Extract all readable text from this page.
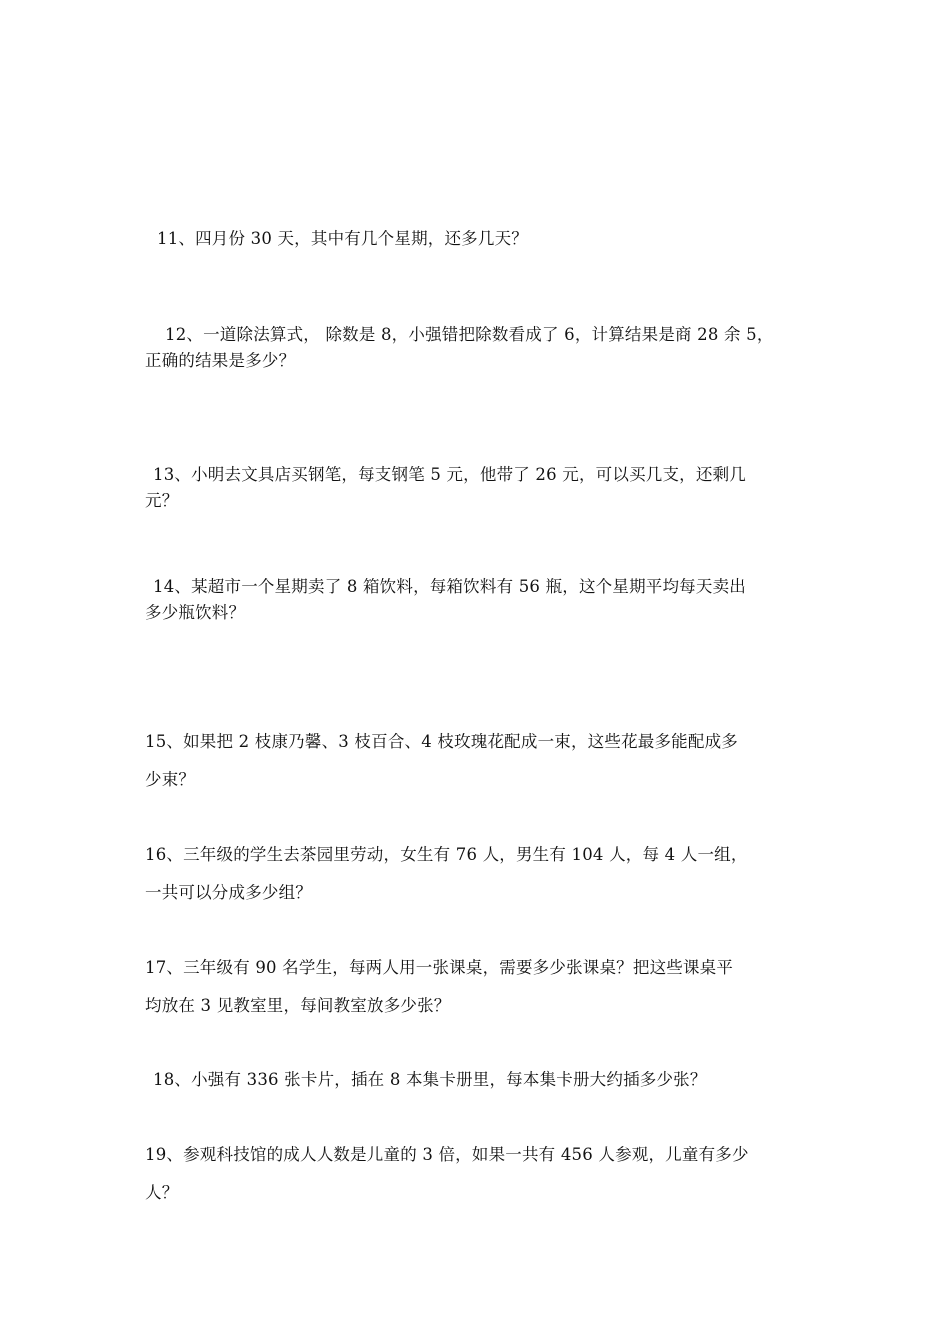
11、四月份 30 天，其中有几个星期，还多几天？

12、一道除法算式， 除数是 8，小强错把除数看成了 6，计算结果是商 28 余 5，
正确的结果是多少？

13、小明去文具店买钢笔，每支钢笔 5 元，他带了 26 元，可以买几支，还剩几
元？

14、某超市一个星期卖了 8 箱饮料，每箱饮料有 56 瓶，这个星期平均每天卖出
多少瓶饮料？

15、如果把 2 枝康乃馨、3 枝百合、4 枝玫瑰花配成一束，这些花最多能配成多
少束？

16、三年级的学生去茶园里劳动，女生有 76 人，男生有 104 人，每 4 人一组，
一共可以分成多少组？

17、三年级有 90 名学生，每两人用一张课桌，需要多少张课桌？把这些课桌平
均放在 3 见教室里，每间教室放多少张？

18、小强有 336 张卡片，插在 8 本集卡册里，每本集卡册大约插多少张？

19、参观科技馆的成人人数是儿童的 3 倍，如果一共有 456 人参观，儿童有多少
人？
